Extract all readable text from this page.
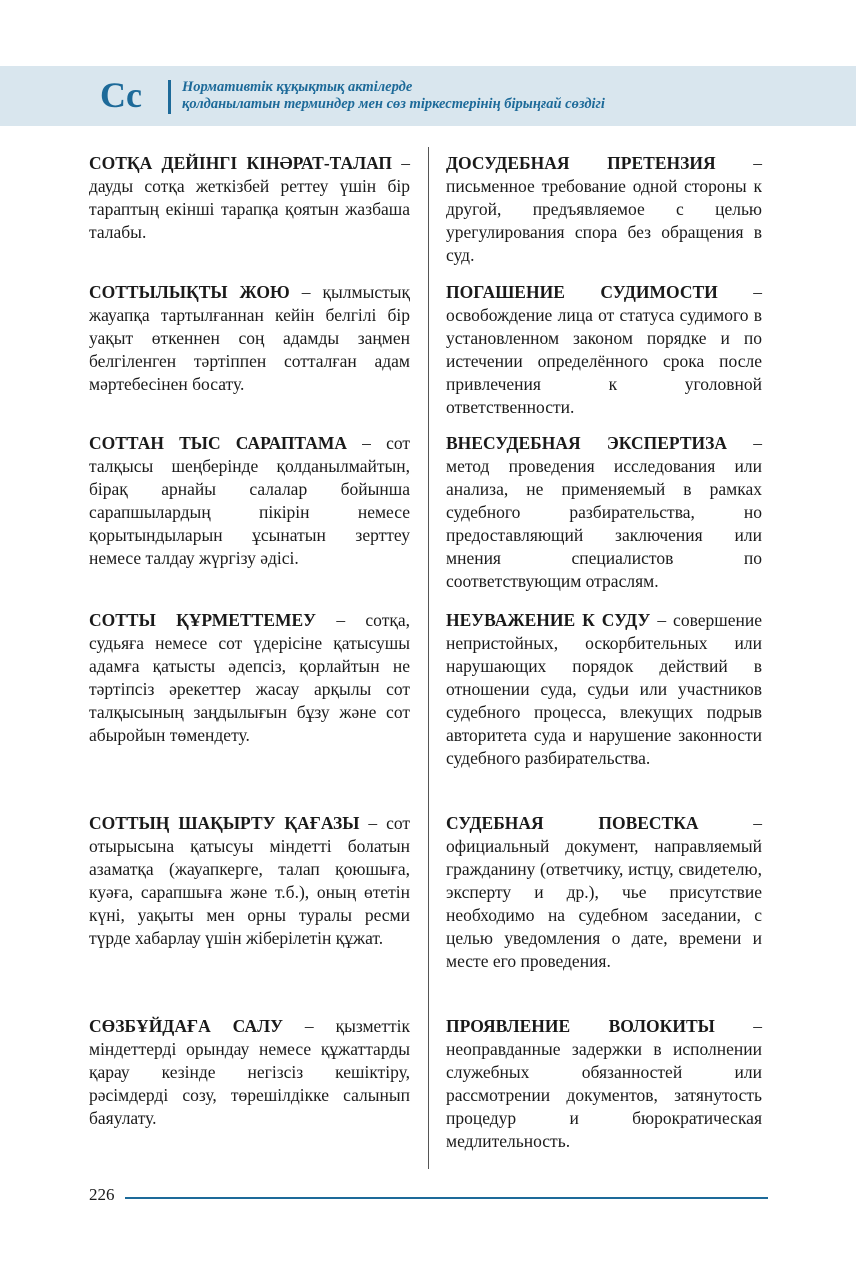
Cc	Нормативтік құқықтық актілерде
қолданылатын терминдер мен сөз тіркестерінің бірыңғай сөздігі
СОТҚА ДЕЙІНГІ КІНӘРАТ-ТАЛАП – дауды сотқа жеткізбей реттеу үшін бір тараптың екінші тарапқа қоятын жазбаша талабы.
ДОСУДЕБНАЯ ПРЕТЕНЗИЯ – письменное требование одной стороны к другой, предъявляемое с целью урегулирования спора без обращения в суд.
СОТТЫЛЫҚТЫ ЖОЮ – қылмыстық жауапқа тартылғаннан кейін белгілі бір уақыт өткеннен соң адамды заңмен белгіленген тәртіппен сотталған адам мәртебесінен босату.
ПОГАШЕНИЕ СУДИМОСТИ – освобождение лица от статуса судимого в установленном законом порядке и по истечении определённого срока после привлечения к уголовной ответственности.
СОТТАН ТЫС САРАПТАМА – сот талқысы шеңберінде қолданылмайтын, бірақ арнайы салалар бойынша сарапшылардың пікірін немесе қорытындыларын ұсынатын зерттеу немесе талдау жүргізу әдісі.
ВНЕСУДЕБНАЯ ЭКСПЕРТИЗА – метод проведения исследования или анализа, не применяемый в рамках судебного разбирательства, но предоставляющий заключения или мнения специалистов по соответствующим отраслям.
СОТТЫ ҚҰРМЕТТЕМЕУ – сотқа, судьяға немесе сот үдерісіне қатысушы адамға қатысты әдепсіз, қорлайтын не тәртіпсіз әрекеттер жасау арқылы сот талқысының заңдылығын бұзу және сот абыройын төмендету.
НЕУВАЖЕНИЕ К СУДУ – совершение непристойных, оскорбительных или нарушающих порядок действий в отношении суда, судьи или участников судебного процесса, влекущих подрыв авторитета суда и нарушение законности судебного разбирательства.
СОТТЫҢ ШАҚЫРТУ ҚАҒАЗЫ – сот отырысына қатысуы міндетті болатын азаматқа (жауапкерге, талап қоюшыға, куәға, сарапшыға және т.б.), оның өтетін күні, уақыты мен орны туралы ресми түрде хабарлау үшін жіберілетін құжат.
СУДЕБНАЯ ПОВЕСТКА – официальный документ, направляемый гражданину (ответчику, истцу, свидетелю, эксперту и др.), чье присутствие необходимо на судебном заседании, с целью уведомления о дате, времени и месте его проведения.
СӨЗБҰЙДАҒА САЛУ – қызметтік міндеттерді орындау немесе құжаттарды қарау кезінде негізсіз кешіктіру, рәсімдерді созу, төрешілдікке салынып баяулату.
ПРОЯВЛЕНИЕ ВОЛОКИТЫ – неоправданные задержки в исполнении служебных обязанностей или рассмотрении документов, затянутость процедур и бюрократическая медлительность.
226
